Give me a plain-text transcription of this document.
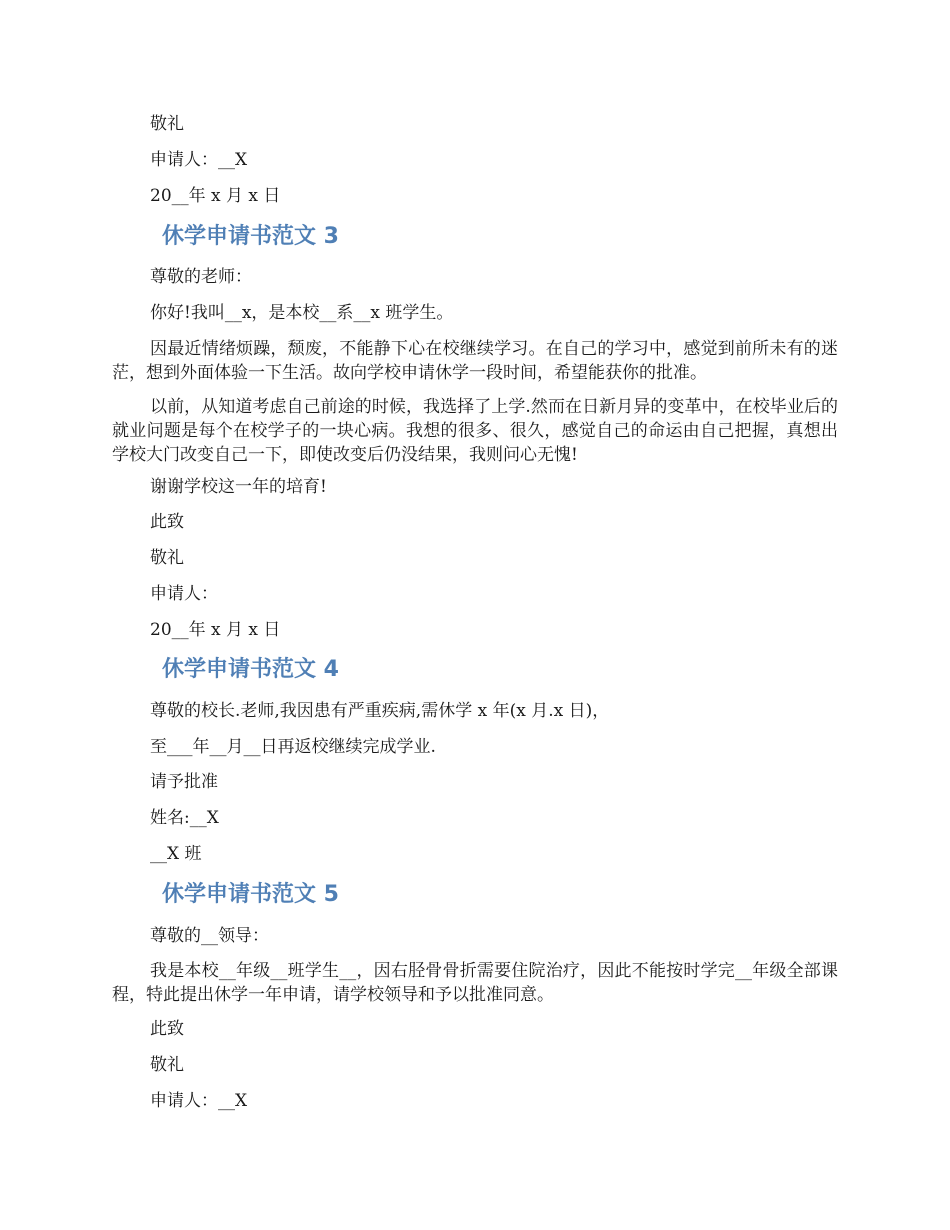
敬礼

申请人：__X

20__年 x 月 x 日

休学申请书范文 3

尊敬的老师：

你好!我叫__x，是本校__系__x 班学生。

因最近情绪烦躁，颓废，不能静下心在校继续学习。在自己的学习中，感觉到前所未有的迷茫，想到外面体验一下生活。故向学校申请休学一段时间，希望能获你的批准。

以前，从知道考虑自己前途的时候，我选择了上学.然而在日新月异的变革中，在校毕业后的就业问题是每个在校学子的一块心病。我想的很多、很久，感觉自己的命运由自己把握，真想出学校大门改变自己一下，即使改变后仍没结果，我则问心无愧!

谢谢学校这一年的培育!

此致

敬礼

申请人：

20__年 x 月 x 日

休学申请书范文 4

尊敬的校长.老师,我因患有严重疾病,需休学 x 年(x 月.x 日)，

至___年__月__日再返校继续完成学业.

请予批准

姓名:__X

__X 班

休学申请书范文 5

尊敬的__领导：

我是本校__年级__班学生__，因右胫骨骨折需要住院治疗，因此不能按时学完__年级全部课程，特此提出休学一年申请，请学校领导和予以批准同意。

此致

敬礼

申请人：__X
